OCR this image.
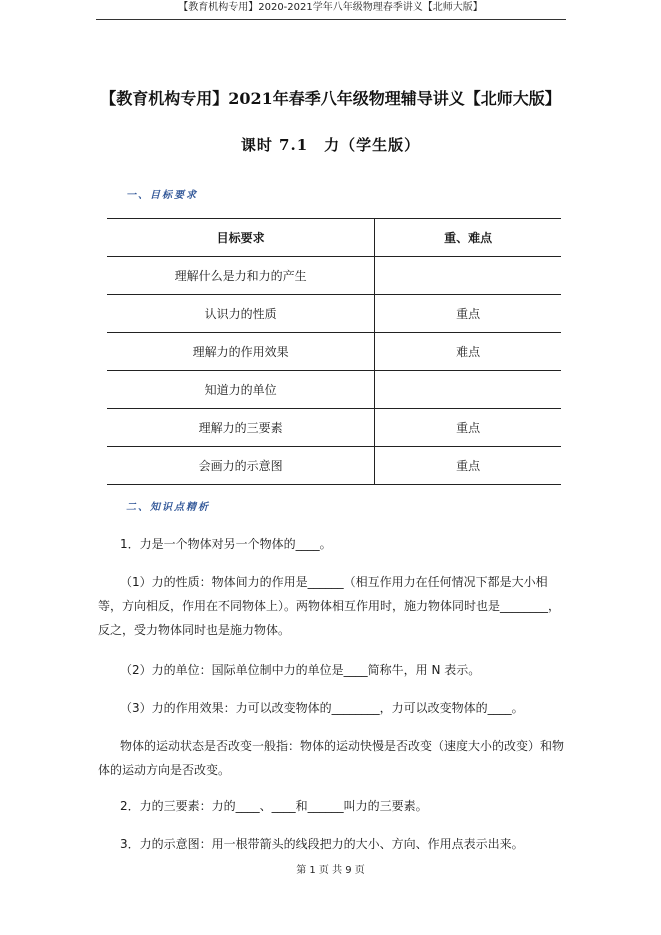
【教育机构专用】2020-2021学年八年级物理春季讲义【北师大版】
【教育机构专用】2021年春季八年级物理辅导讲义【北师大版】
课时 7.1　力（学生版）
一、目标要求
目标要求	重、难点
理解什么是力和力的产生	
认识力的性质	重点
理解力的作用效果	难点
知道力的单位	
理解力的三要素	重点
会画力的示意图	重点
二、知识点精析
1．力是一个物体对另一个物体的____。
（1）力的性质：物体间力的作用是______（相互作用力在任何情况下都是大小相等，方向相反，作用在不同物体上）。两物体相互作用时，施力物体同时也是________，反之，受力物体同时也是施力物体。
（2）力的单位：国际单位制中力的单位是____简称牛，用 N 表示。
（3）力的作用效果：力可以改变物体的________，力可以改变物体的____。
物体的运动状态是否改变一般指：物体的运动快慢是否改变（速度大小的改变）和物体的运动方向是否改变。
2．力的三要素：力的____、____和______叫力的三要素。
3．力的示意图：用一根带箭头的线段把力的大小、方向、作用点表示出来。
第 1 页 共 9 页
